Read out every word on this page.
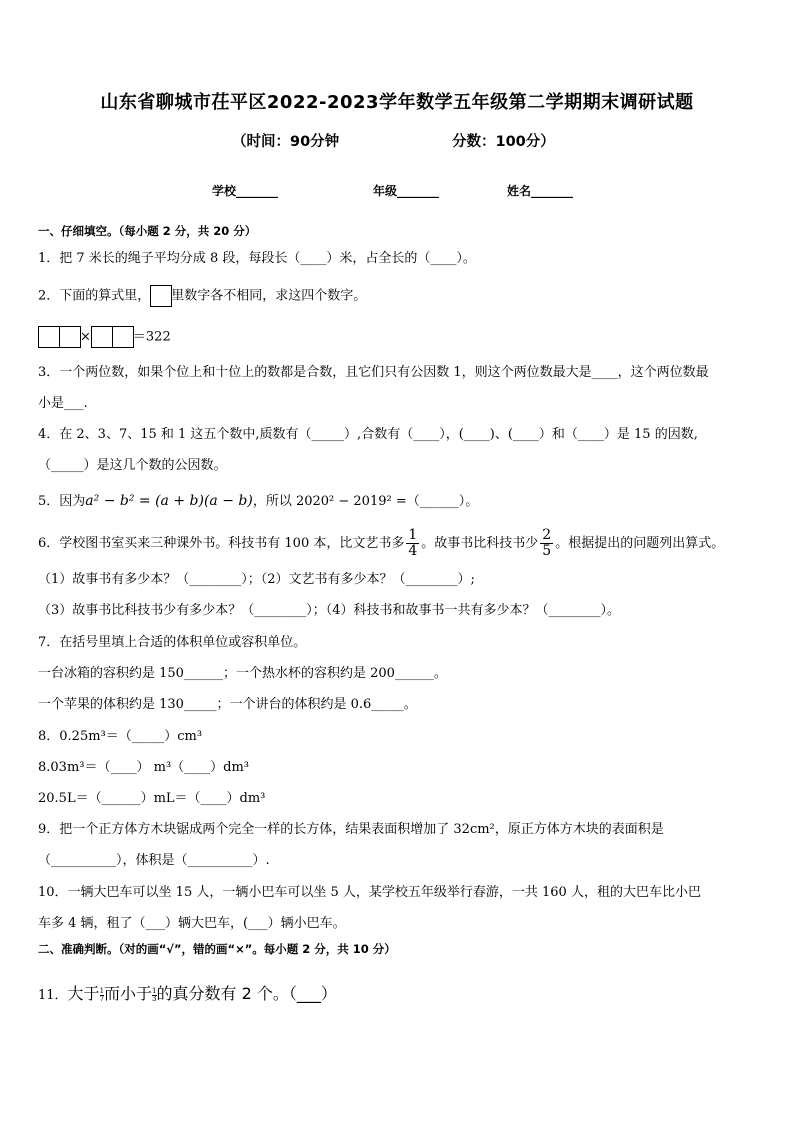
山东省聊城市茌平区2022-2023学年数学五年级第二学期期末调研试题
（时间：90分钟	分数：100分）
学校_______	年级_______	姓名_______
一、仔细填空。（每小题 2 分，共 20 分）
1．把 7 米长的绳子平均分成 8 段，每段长（____）米，占全长的（____）。
2．下面的算式里， 里数字各不相同，求这四个数字。
×	＝322
3．一个两位数，如果个位上和十位上的数都是合数，且它们只有公因数 1，则这个两位数最大是____，这个两位数最
小是___.
4．在 2、3、7、15 和 1 这五个数中,质数有（_____）,合数有（____），(____)、(____）和（____）是 15 的因数,
（_____）是这几个数的公因数。
5．因为a² − b² = (a + b)(a − b)，所以 2020² − 2019² =（______）。
6．学校图书室买来三种课外书。科技书有 100 本，比文艺书多 $\frac{1}{4}$ 。故事书比科技书少 $\frac{2}{5}$ 。根据提出的问题列出算式。
（1）故事书有多少本？（________）；（2）文艺书有多少本？（________）;
（3）故事书比科技书少有多少本？（________）；（4）科技书和故事书一共有多少本？（________）。
7．在括号里填上合适的体积单位或容积单位。
一台冰箱的容积约是 150______；一个热水杯的容积约是 200______。
一个苹果的体积约是 130_____；一个讲台的体积约是 0.6_____。
8．0.25m³＝（_____）cm³
8.03m³＝（____） m³（____）dm³
20.5L＝（______）mL＝（____）dm³
9．把一个正方体方木块锯成两个完全一样的长方体，结果表面积增加了 32cm²，原正方体方木块的表面积是
（__________），体积是（__________）.
10．一辆大巴车可以坐 15 人，一辆小巴车可以坐 5 人，某学校五年级举行春游，一共 160 人，租的大巴车比小巴
车多 4 辆，租了（___）辆大巴车，(___）辆小巴车。
二、准确判断。（对的画“√”，错的画“×”。每小题 2 分，共 10 分）
11．大于 $\frac{1}{7}$ 而小于 $\frac{1}{3}$ 的真分数有 2 个。（___）
